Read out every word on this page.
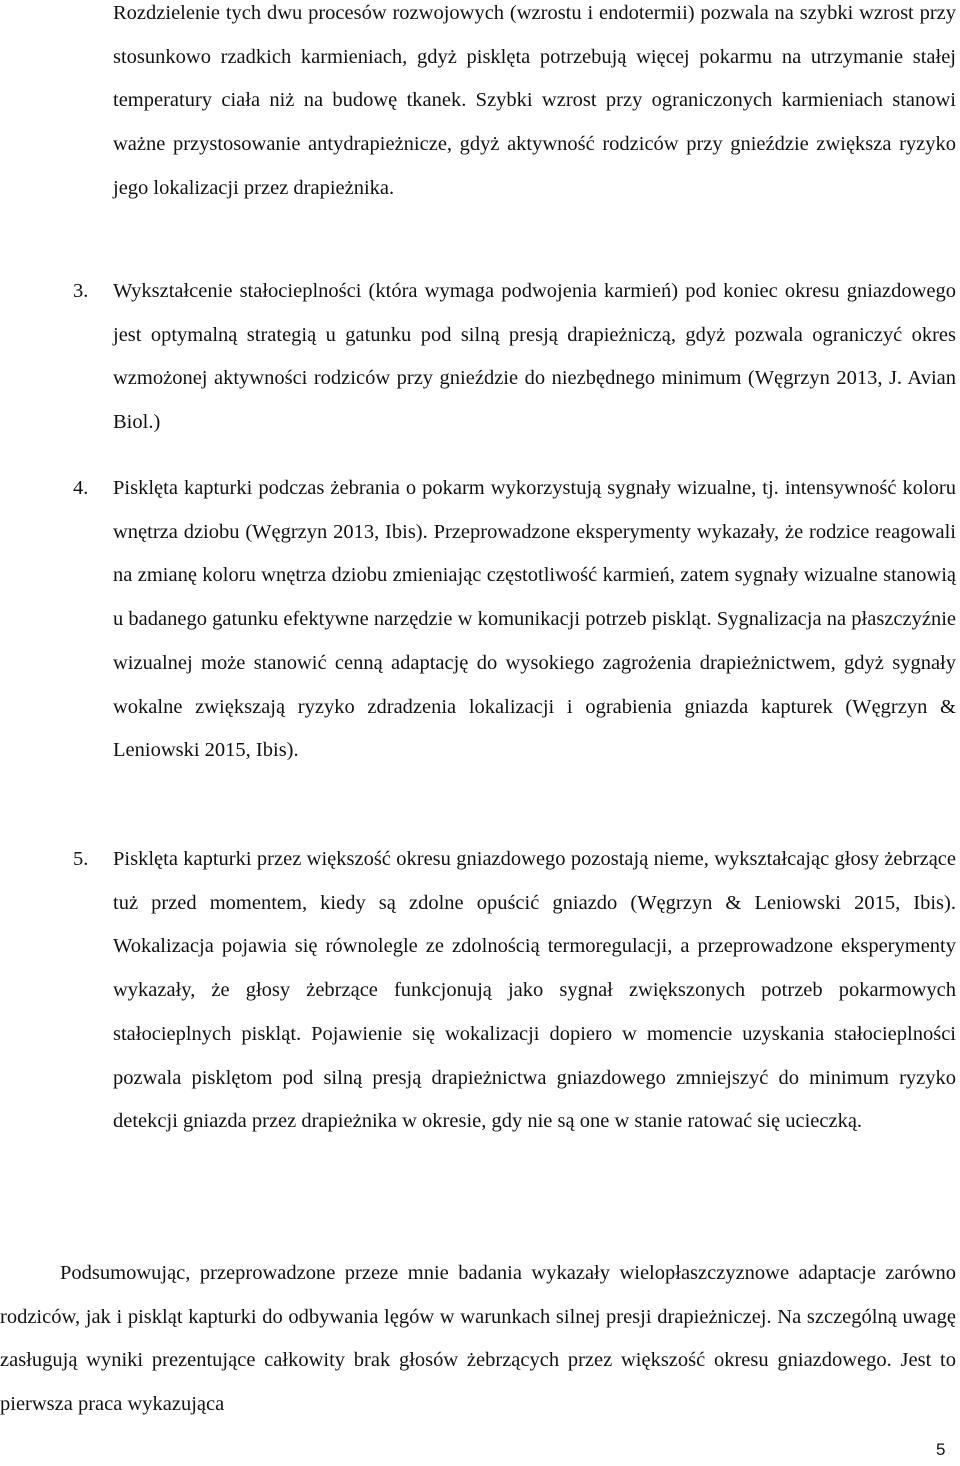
Rozdzielenie tych dwu procesów rozwojowych (wzrostu i endotermii) pozwala na szybki wzrost przy stosunkowo rzadkich karmieniach, gdyż pisklęta potrzebują więcej pokarmu na utrzymanie stałej temperatury ciała niż na budowę tkanek. Szybki wzrost przy ograniczonych karmieniach stanowi ważne przystosowanie antydrapieżnicze, gdyż aktywność rodziców przy gnieździe zwiększa ryzyko jego lokalizacji przez drapieżnika.

3. Wykształcenie stałocieplności (która wymaga podwojenia karmień) pod koniec okresu gniazdowego jest optymalną strategią u gatunku pod silną presją drapieżniczą, gdyż pozwala ograniczyć okres wzmożonej aktywności rodziców przy gnieździe do niezbędnego minimum (Węgrzyn 2013, J. Avian Biol.)
4. Pisklęta kapturki podczas żebrania o pokarm wykorzystują sygnały wizualne, tj. intensywność koloru wnętrza dziobu (Węgrzyn 2013, Ibis). Przeprowadzone eksperymenty wykazały, że rodzice reagowali na zmianę koloru wnętrza dziobu zmieniając częstotliwość karmień, zatem sygnały wizualne stanowią u badanego gatunku efektywne narzędzie w komunikacji potrzeb piskląt. Sygnalizacja na płaszczyźnie wizualnej może stanowić cenną adaptację do wysokiego zagrożenia drapieżnictwem, gdyż sygnały wokalne zwiększają ryzyko zdradzenia lokalizacji i ograbienia gniazda kapturek (Węgrzyn & Leniowski 2015, Ibis).
5. Pisklęta kapturki przez większość okresu gniazdowego pozostają nieme, wykształcając głosy żebrzące tuż przed momentem, kiedy są zdolne opuścić gniazdo (Węgrzyn & Leniowski 2015, Ibis). Wokalizacja pojawia się równolegle ze zdolnością termoregulacji, a przeprowadzone eksperymenty wykazały, że głosy żebrzące funkcjonują jako sygnał zwiększonych potrzeb pokarmowych stałocieplnych piskląt. Pojawienie się wokalizacji dopiero w momencie uzyskania stałocieplności pozwala pisklętom pod silną presją drapieżnictwa gniazdowego zmniejszyć do minimum ryzyko detekcji gniazda przez drapieżnika w okresie, gdy nie są one w stanie ratować się ucieczką.

Podsumowując, przeprowadzone przeze mnie badania wykazały wielopłaszczyznowe adaptacje zarówno rodziców, jak i piskląt kapturki do odbywania lęgów w warunkach silnej presji drapieżniczej. Na szczególną uwagę zasługują wyniki prezentujące całkowity brak głosów żebrzących przez większość okresu gniazdowego. Jest to pierwsza praca wykazująca

5
